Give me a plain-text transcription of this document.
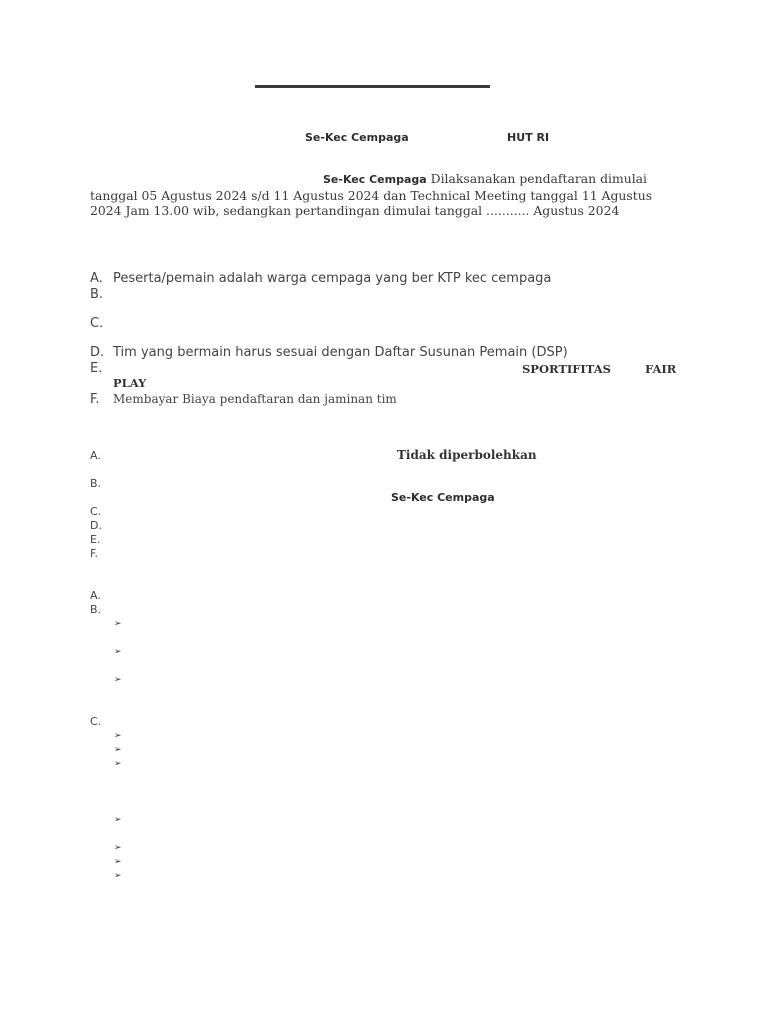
Se-Kec Cempaga	HUT RI
Se-Kec Cempaga Dilaksanakan pendaftaran dimulai
tanggal 05 Agustus 2024 s/d 11 Agustus 2024 dan Technical Meeting tanggal 11 Agustus
2024 Jam 13.00 wib, sedangkan pertandingan dimulai tanggal ........... Agustus 2024
A. Peserta/pemain adalah warga cempaga yang ber KTP kec cempaga
B.
C.
D. Tim yang bermain harus sesuai dengan Daftar Susunan Pemain (DSP)
E.	SPORTIFITAS	FAIR
PLAY
F. Membayar Biaya pendaftaran dan jaminan tim
A.	Tidak diperbolehkan
B.
Se-Kec Cempaga
C.
D.
E.
F.
A.
B.
➢
➢
➢
C.
➢
➢
➢
➢
➢
➢
➢
